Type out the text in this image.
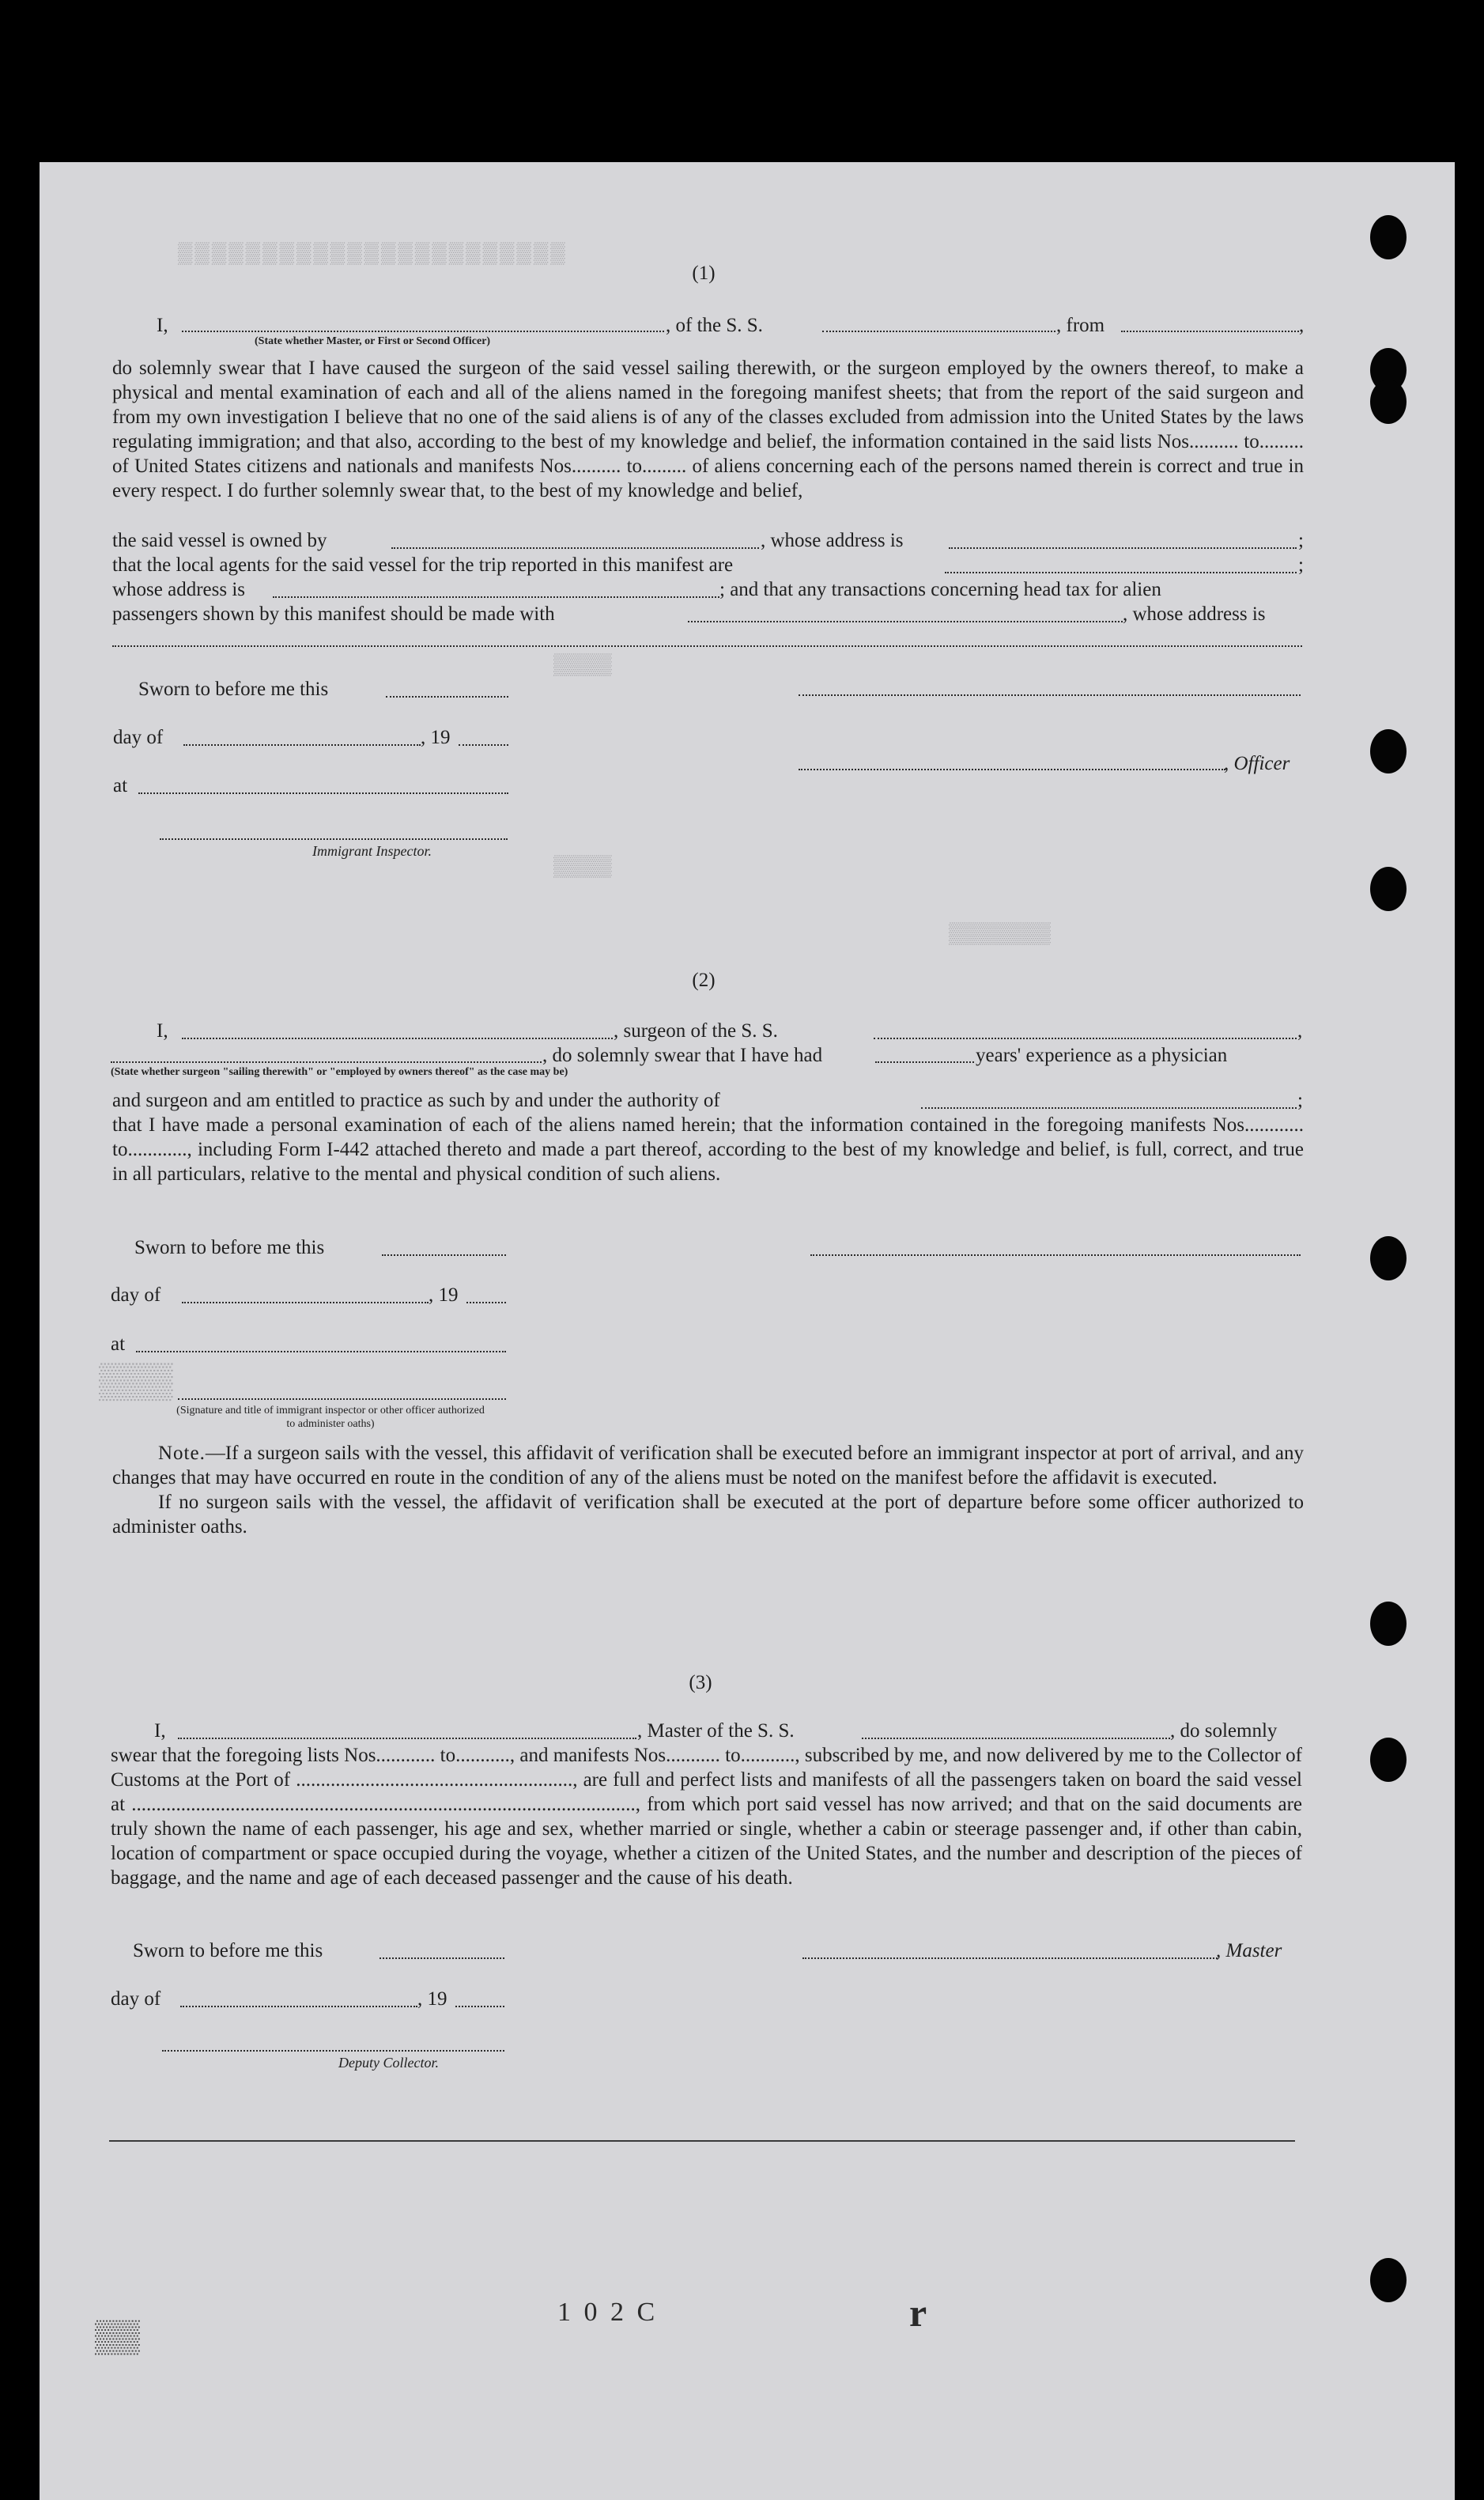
▒▒▒▒▒▒▒▒▒▒▒▒▒▒▒▒▒▒▒▒▒▒▒
▒▒▒▒
▒▒▒▒
▒▒▒▒▒▒▒
▒▒▒
(1)
I,	, of the S. S.	, from	,
(State whether Master, or First or Second Officer)
do solemnly swear that I have caused the surgeon of the said vessel sailing therewith, or the surgeon employed by the owners thereof, to make a physical and mental examination of each and all of the aliens named in the foregoing manifest sheets; that from the report of the said surgeon and from my own investigation I believe that no one of the said aliens is of any of the classes excluded from admission into the United States by the laws regulating immigration; and that also, according to the best of my knowledge and belief, the information contained in the said lists Nos.......... to......... of United States citizens and nationals and manifests Nos.......... to......... of aliens concerning each of the persons named therein is correct and true in every respect. I do further solemnly swear that, to the best of my knowledge and belief,
the said vessel is owned by	, whose address is	;
that the local agents for the said vessel for the trip reported in this manifest are	;
whose address is	; and that any transactions concerning head tax for alien
passengers shown by this manifest should be made with	, whose address is
Sworn to before me this
day of	, 19
, Officer
at
Immigrant Inspector.
(2)
I,	, surgeon of the S. S.	,
, do solemnly swear that I have had	years' experience as a physician
(State whether surgeon "sailing therewith" or "employed by owners thereof" as the case may be)
and surgeon and am entitled to practice as such by and under the authority of	;
that I have made a personal examination of each of the aliens named herein; that the information contained in the foregoing manifests Nos............ to............, including Form I-442 attached thereto and made a part thereof, according to the best of my knowledge and belief, is full, correct, and true in all particulars, relative to the mental and physical condition of such aliens.
Sworn to before me this
day of	, 19
at
(Signature and title of immigrant inspector or other officer authorized to administer oaths)

Note.—If a surgeon sails with the vessel, this affidavit of verification shall be executed before an immigrant inspector at port of arrival, and any changes that may have occurred en route in the condition of any of the aliens must be noted on the manifest before the affidavit is executed.

If no surgeon sails with the vessel, the affidavit of verification shall be executed at the port of departure before some officer authorized to administer oaths.

(3)
I,	, Master of the S. S.	, do solemnly
swear that the foregoing lists Nos............ to..........., and manifests Nos........... to..........., subscribed by me, and now delivered by me to the Collector of Customs at the Port of ........................................................, are full and perfect lists and manifests of all the passengers taken on board the said vessel at ......................................................................................................, from which port said vessel has now arrived; and that on the said documents are truly shown the name of each passenger, his age and sex, whether married or single, whether a cabin or steerage passenger and, if other than cabin, location of compartment or space occupied during the voyage, whether a citizen of the United States, and the number and description of the pieces of baggage, and the name and age of each deceased passenger and the cause of his death.
Sworn to before me this	, Master
day of	, 19
Deputy Collector.
1 0 2 C	r
▒▒
